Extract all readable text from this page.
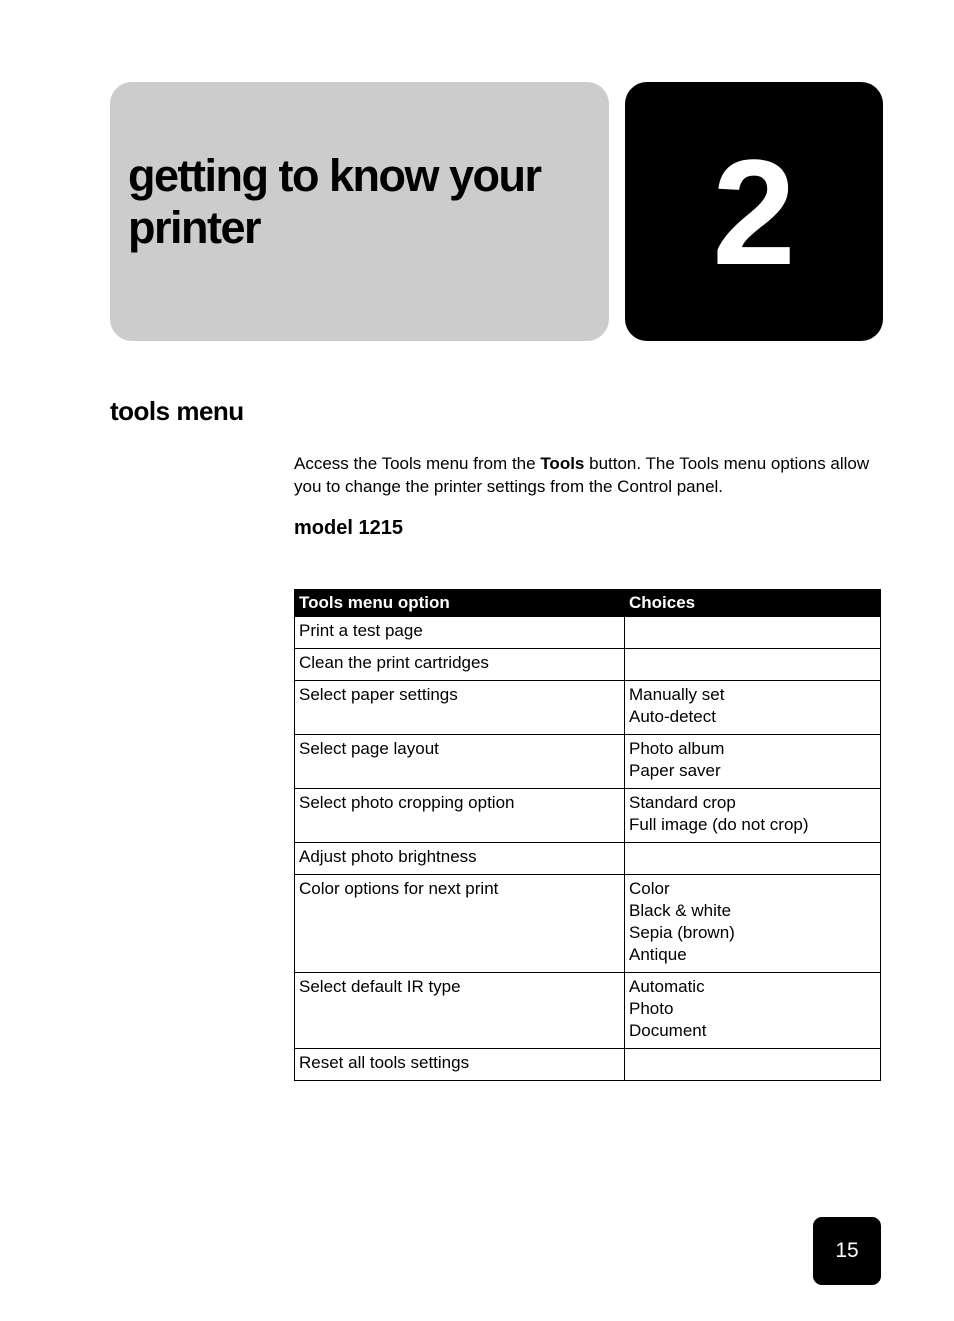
getting to know your printer	2
tools menu

Access the Tools menu from the Tools button. The Tools menu options allow you to change the printer settings from the Control panel.

model 1215
Tools menu option	Choices
Print a test page	
Clean the print cartridges	
Select paper settings	Manually set
Auto-detect

Select page layout	Photo album
Paper saver

Select photo cropping option	Standard crop
Full image (do not crop)

Adjust photo brightness	
Color options for next print	Color
Black & white
Sepia (brown)
Antique

Select default IR type	Automatic
Photo
Document

Reset all tools settings	
15
